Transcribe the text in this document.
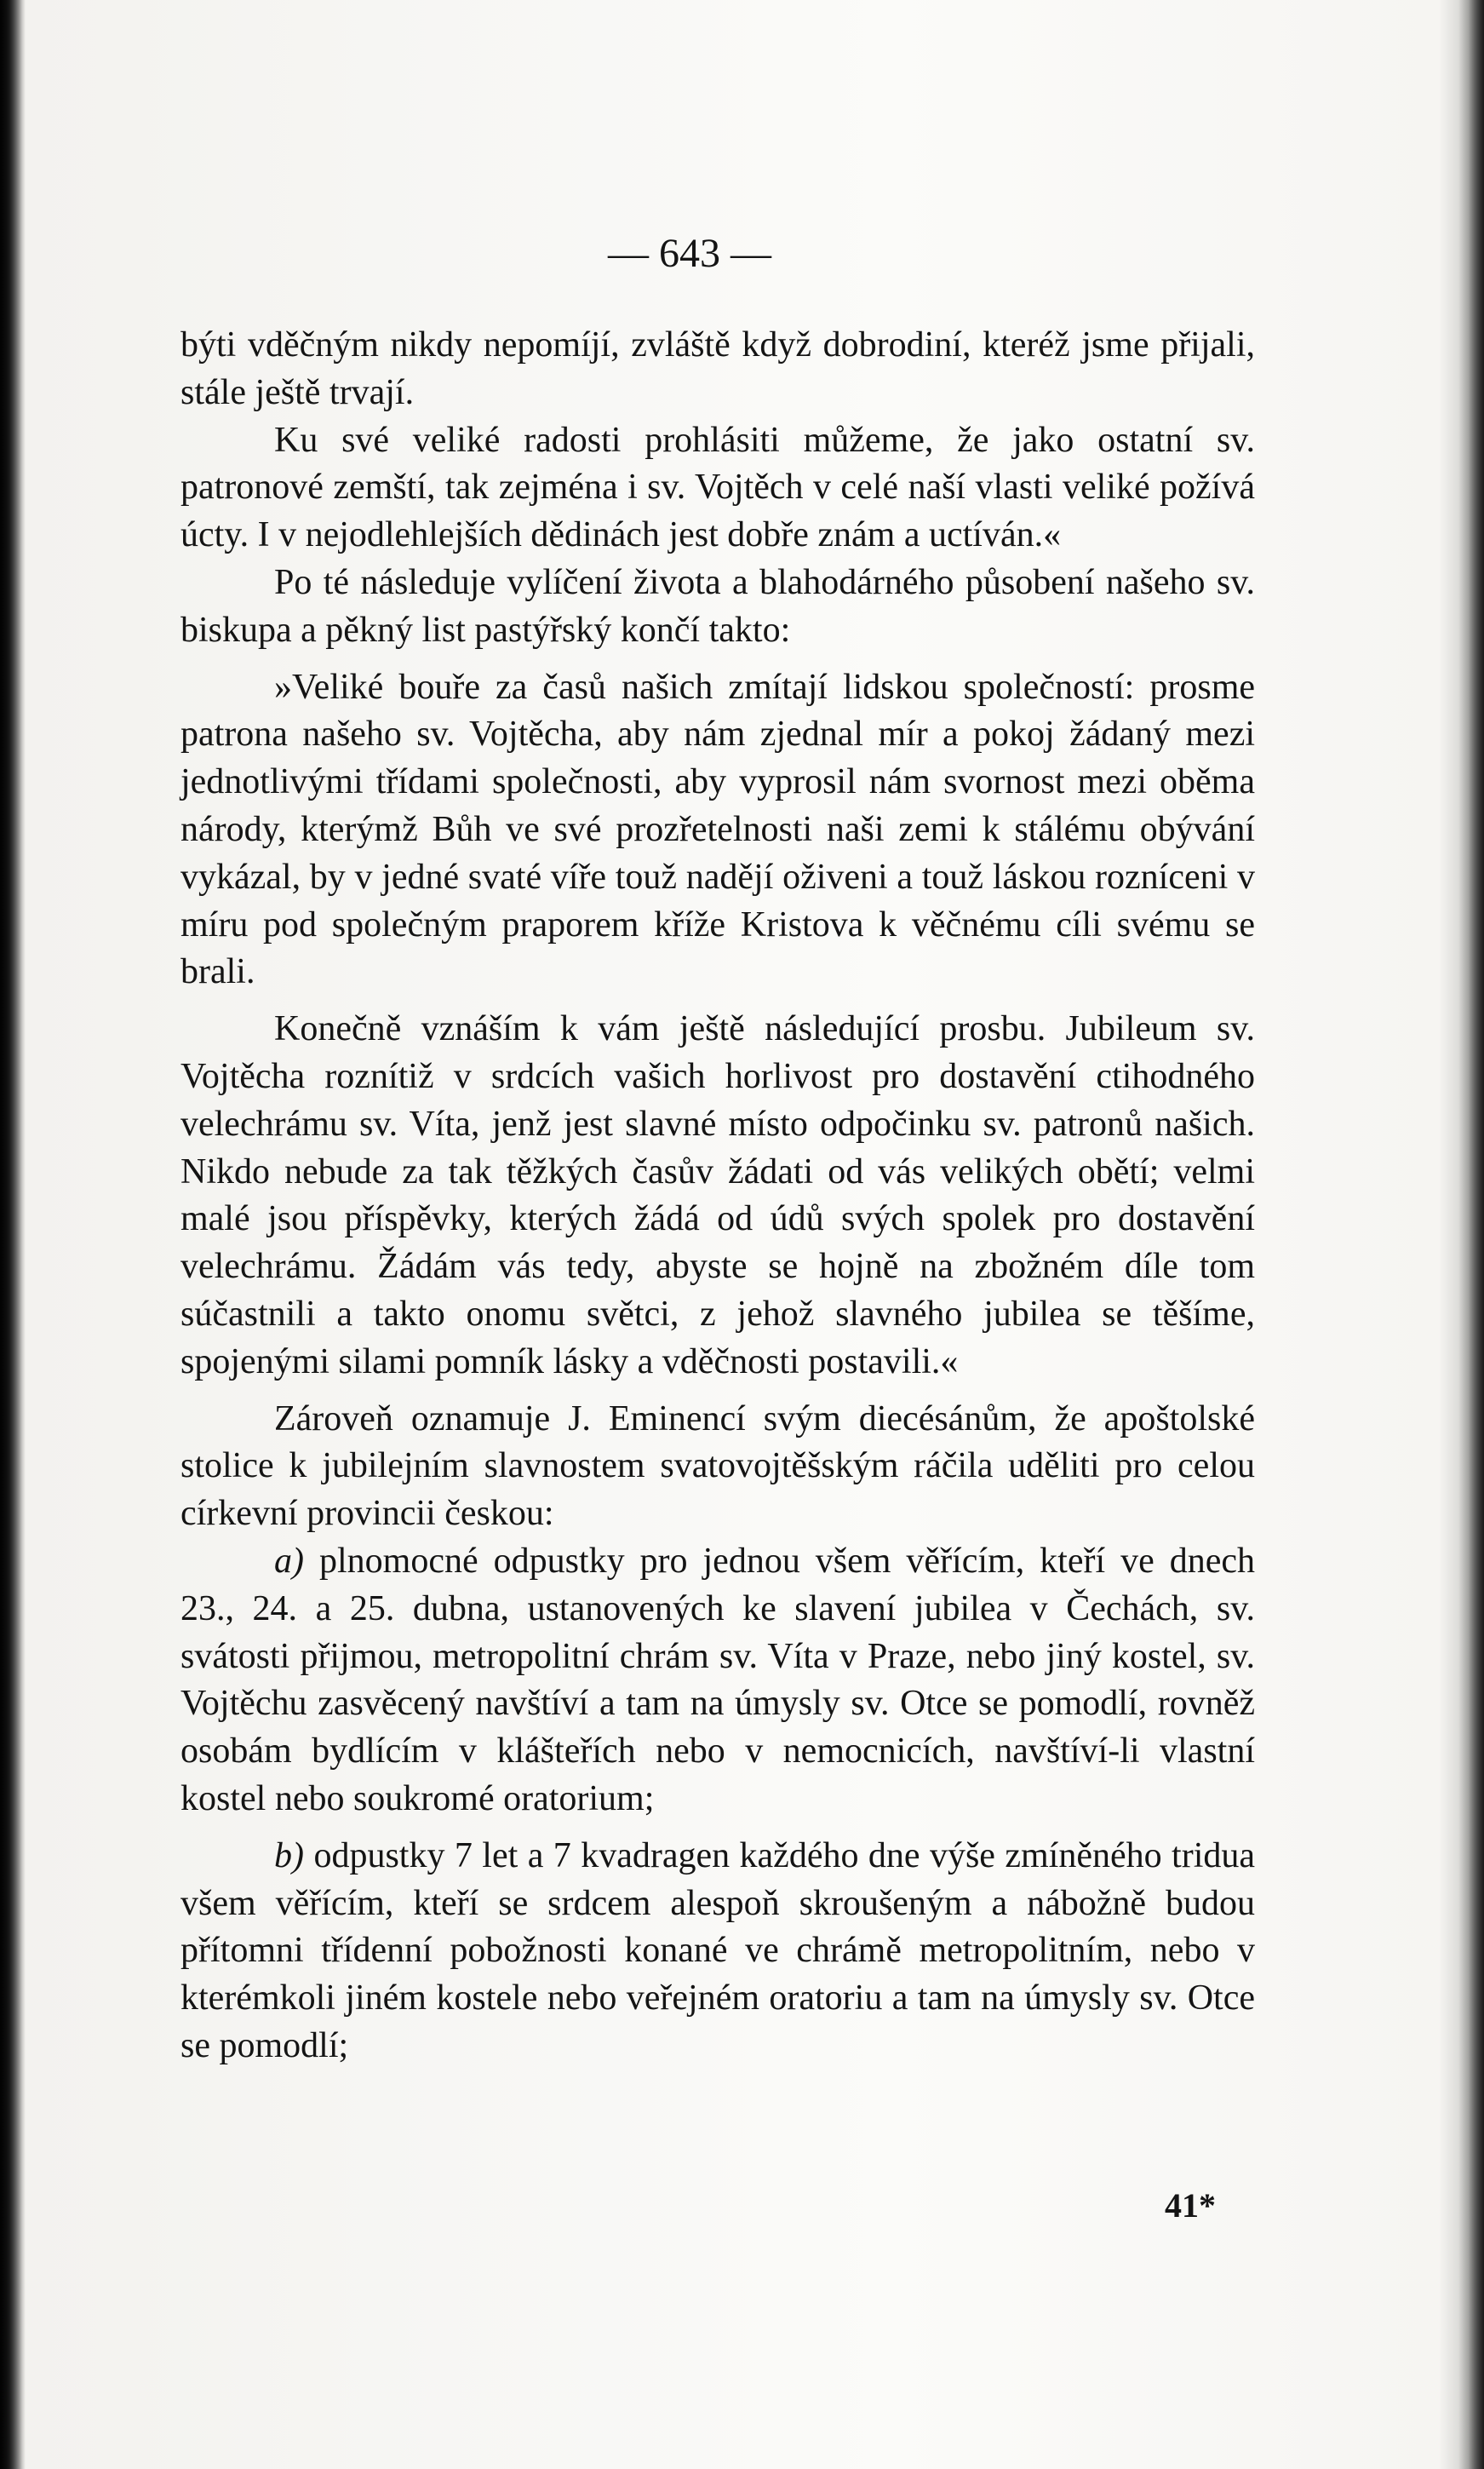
— 643 —

býti vděčným nikdy nepomíjí, zvláště když dobrodiní, kteréž jsme přijali, stále ještě trvají.

Ku své veliké radosti prohlásiti můžeme, že jako ostatní sv. patronové zemští, tak zejména i sv. Vojtěch v celé naší vlasti veliké požívá úcty. I v nejodlehlejších dědinách jest dobře znám a uctíván.«

Po té následuje vylíčení života a blahodárného působení našeho sv. biskupa a pěkný list pastýřský končí takto:

»Veliké bouře za časů našich zmítají lidskou společností: prosme patrona našeho sv. Vojtěcha, aby nám zjednal mír a pokoj žádaný mezi jednotlivými třídami společnosti, aby vyprosil nám svornost mezi oběma národy, kterýmž Bůh ve své prozřetelnosti naši zemi k stálému obývání vykázal, by v jedné svaté víře touž nadějí oživeni a touž láskou rozníceni v míru pod společným praporem kříže Kristova k věčnému cíli svému se brali.

Konečně vznáším k vám ještě následující prosbu. Jubileum sv. Vojtěcha roznítiž v srdcích vašich horlivost pro dostavění ctihodného velechrámu sv. Víta, jenž jest slavné místo odpočinku sv. patronů našich. Nikdo nebude za tak těžkých časův žádati od vás velikých obětí; velmi malé jsou příspěvky, kterých žádá od údů svých spolek pro dostavění velechrámu. Žádám vás tedy, abyste se hojně na zbožném díle tom súčastnili a takto onomu světci, z jehož slavného jubilea se těšíme, spojenými silami pomník lásky a vděčnosti postavili.«

Zároveň oznamuje J. Eminencí svým diecésánům, že apoštolské stolice k jubilejním slavnostem svatovojtěšským ráčila uděliti pro celou církevní provincii českou:

a) plnomocné odpustky pro jednou všem věřícím, kteří ve dnech 23., 24. a 25. dubna, ustanovených ke slavení jubilea v Čechách, sv. svátosti přijmou, metropolitní chrám sv. Víta v Praze, nebo jiný kostel, sv. Vojtěchu zasvěcený navštíví a tam na úmysly sv. Otce se pomodlí, rovněž osobám bydlícím v klášteřích nebo v nemocnicích, navštíví-li vlastní kostel nebo soukromé oratorium;

b) odpustky 7 let a 7 kvadragen každého dne výše zmíněného tridua všem věřícím, kteří se srdcem alespoň skroušeným a nábožně budou přítomni třídenní pobožnosti konané ve chrámě metropolitním, nebo v kterémkoli jiném kostele nebo veřejném oratoriu a tam na úmysly sv. Otce se pomodlí;

41*
